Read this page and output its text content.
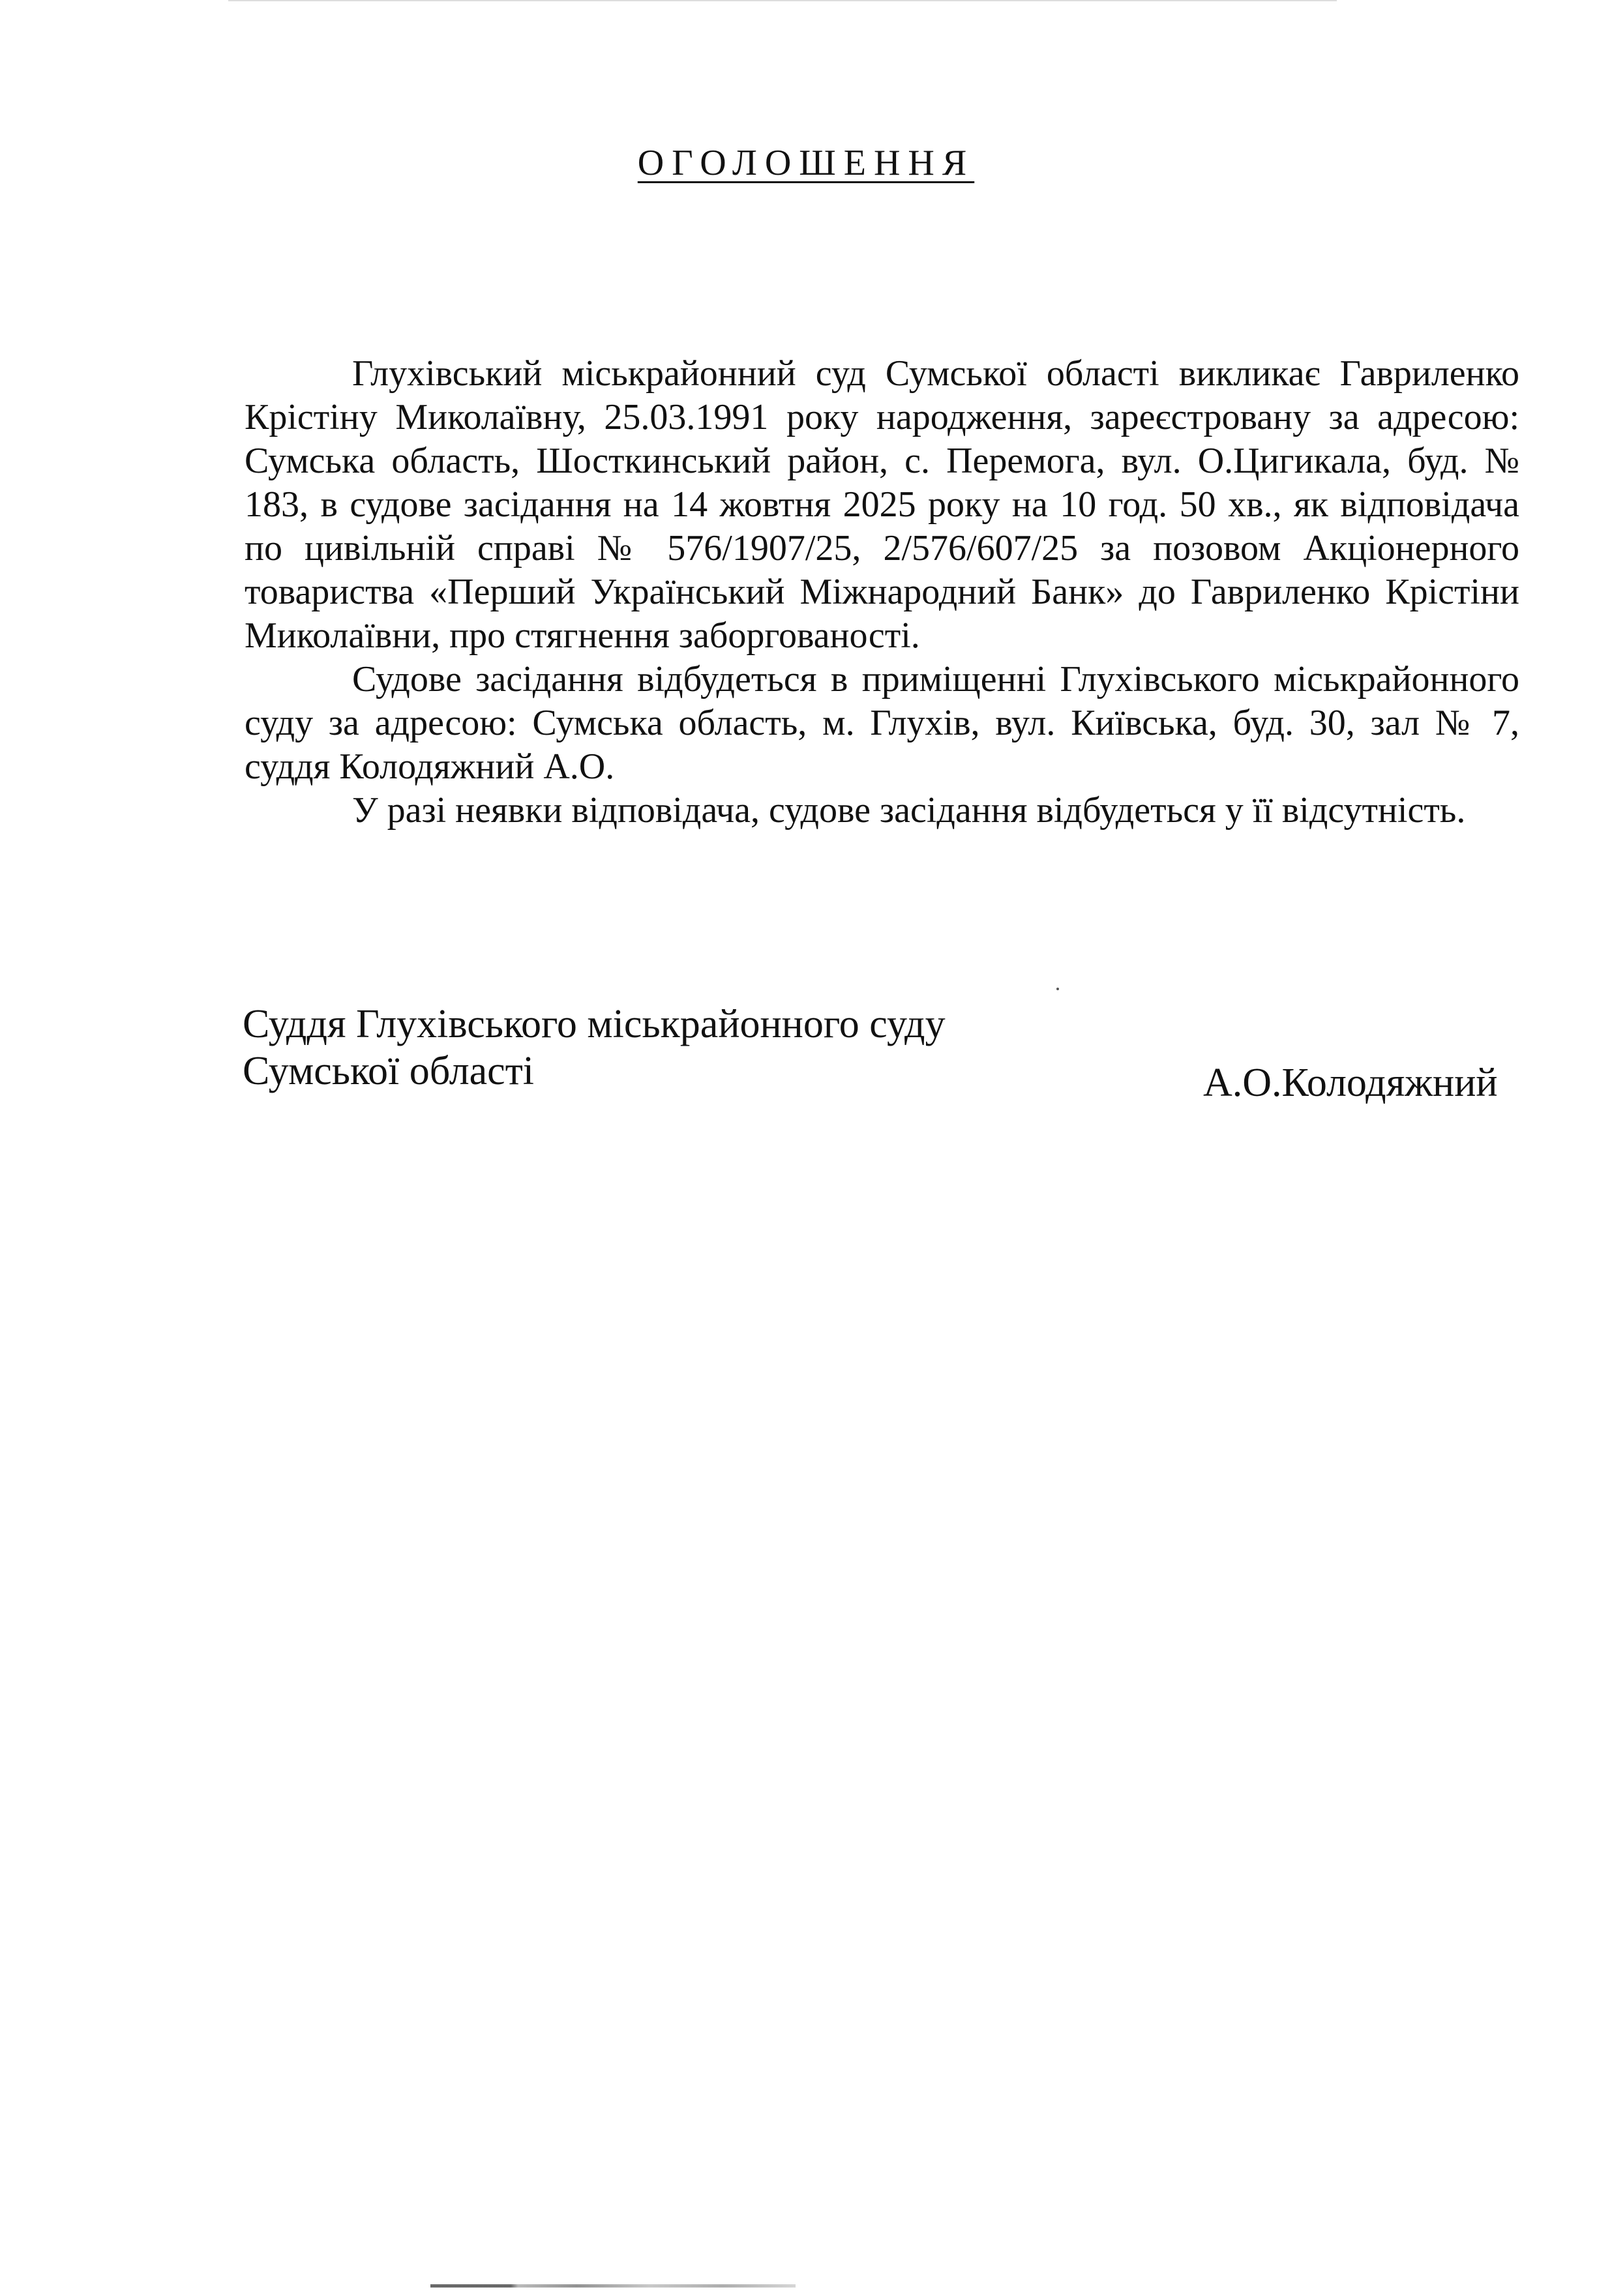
ОГОЛОШЕННЯ

Глухівський міськрайонний суд Сумської області викликає Гавриленко Крістіну Миколаївну, 25.03.1991 року народження, зареєстровану за адресою: Сумська область, Шосткинський район, с. Перемога, вул. О.Цигикала, буд. № 183, в судове засідання на 14 жовтня 2025 року на 10 год. 50 хв., як відповідача по цивільній справі № 576/1907/25, 2/576/607/25 за позовом Акціонерного товариства «Перший Український Міжнародний Банк» до Гавриленко Крістіни Миколаївни, про стягнення заборгованості.

Судове засідання відбудеться в приміщенні Глухівського міськрайонного суду за адресою: Сумська область, м. Глухів, вул. Київська, буд. 30, зал № 7, суддя Колодяжний А.О.

У разі неявки відповідача, судове засідання відбудеться у її відсутність.

Суддя Глухівського міськрайонного суду
Сумської області	А.О.Колодяжний
